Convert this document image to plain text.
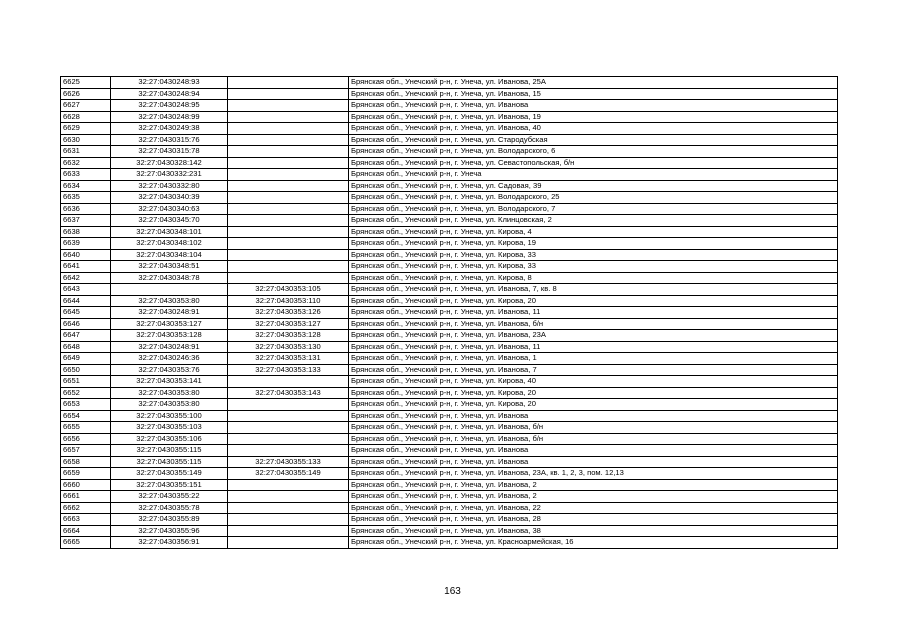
6625	32:27:0430248:93		Брянская обл., Унечский р-н, г. Унеча, ул. Иванова, 25А
6626	32:27:0430248:94		Брянская обл., Унечский р-н, г. Унеча, ул. Иванова, 15
6627	32:27:0430248:95		Брянская обл., Унечский р-н, г. Унеча, ул. Иванова
6628	32:27:0430248:99		Брянская обл., Унечский р-н, г. Унеча, ул. Иванова, 19
6629	32:27:0430249:38		Брянская обл., Унечский р-н, г. Унеча, ул. Иванова, 40
6630	32:27:0430315:76		Брянская обл., Унечский р-н, г. Унеча, ул. Стародубская
6631	32:27:0430315:78		Брянская обл., Унечский р-н, г. Унеча, ул. Володарского, 6
6632	32:27:0430328:142		Брянская обл., Унечский р-н, г. Унеча, ул. Севастопольская, б/н
6633	32:27:0430332:231		Брянская обл., Унечский р-н, г. Унеча
6634	32:27:0430332:80		Брянская обл., Унечский р-н, г. Унеча, ул. Садовая, 39
6635	32:27:0430340:39		Брянская обл., Унечский р-н, г. Унеча, ул. Володарского, 25
6636	32:27:0430340:63		Брянская обл., Унечский р-н, г. Унеча, ул. Володарского, 7
6637	32:27:0430345:70		Брянская обл., Унечский р-н, г. Унеча, ул. Клинцовская, 2
6638	32:27:0430348:101		Брянская обл., Унечский р-н, г. Унеча, ул. Кирова, 4
6639	32:27:0430348:102		Брянская обл., Унечский р-н, г. Унеча, ул. Кирова, 19
6640	32:27:0430348:104		Брянская обл., Унечский р-н, г. Унеча, ул. Кирова, 33
6641	32:27:0430348:51		Брянская обл., Унечский р-н, г. Унеча, ул. Кирова, 33
6642	32:27:0430348:78		Брянская обл., Унечский р-н, г. Унеча, ул. Кирова, 8
6643		32:27:0430353:105	Брянская обл., Унечский р-н, г. Унеча, ул. Иванова, 7, кв. 8
6644	32:27:0430353:80	32:27:0430353:110	Брянская обл., Унечский р-н, г. Унеча, ул. Кирова, 20
6645	32:27:0430248:91	32:27:0430353:126	Брянская обл., Унечский р-н, г. Унеча, ул. Иванова, 11
6646	32:27:0430353:127	32:27:0430353:127	Брянская обл., Унечский р-н, г. Унеча, ул. Иванова, б/н
6647	32:27:0430353:128	32:27:0430353:128	Брянская обл., Унечский р-н, г. Унеча, ул. Иванова, 23А
6648	32:27:0430248:91	32:27:0430353:130	Брянская обл., Унечский р-н, г. Унеча, ул. Иванова, 11
6649	32:27:0430246:36	32:27:0430353:131	Брянская обл., Унечский р-н, г. Унеча, ул. Иванова, 1
6650	32:27:0430353:76	32:27:0430353:133	Брянская обл., Унечский р-н, г. Унеча, ул. Иванова, 7
6651	32:27:0430353:141		Брянская обл., Унечский р-н, г. Унеча, ул. Кирова, 40
6652	32:27:0430353:80	32:27:0430353:143	Брянская обл., Унечский р-н, г. Унеча, ул. Кирова, 20
6653	32:27:0430353:80		Брянская обл., Унечский р-н, г. Унеча, ул. Кирова, 20
6654	32:27:0430355:100		Брянская обл., Унечский р-н, г. Унеча, ул. Иванова
6655	32:27:0430355:103		Брянская обл., Унечский р-н, г. Унеча, ул. Иванова, б/н
6656	32:27:0430355:106		Брянская обл., Унечский р-н, г. Унеча, ул. Иванова, б/н
6657	32:27:0430355:115		Брянская обл., Унечский р-н, г. Унеча, ул. Иванова
6658	32:27:0430355:115	32:27:0430355:133	Брянская обл., Унечский р-н, г. Унеча, ул. Иванова
6659	32:27:0430355:149	32:27:0430355:149	Брянская обл., Унечский р-н, г. Унеча, ул. Иванова, 23А, кв. 1, 2, 3, пом. 12,13
6660	32:27:0430355:151		Брянская обл., Унечский р-н, г. Унеча, ул. Иванова, 2
6661	32:27:0430355:22		Брянская обл., Унечский р-н, г. Унеча, ул. Иванова, 2
6662	32:27:0430355:78		Брянская обл., Унечский р-н, г. Унеча, ул. Иванова, 22
6663	32:27:0430355:89		Брянская обл., Унечский р-н, г. Унеча, ул. Иванова, 28
6664	32:27:0430355:96		Брянская обл., Унечский р-н, г. Унеча, ул. Иванова, 38
6665	32:27:0430356:91		Брянская обл., Унечский р-н, г. Унеча, ул. Красноармейская, 16
163
